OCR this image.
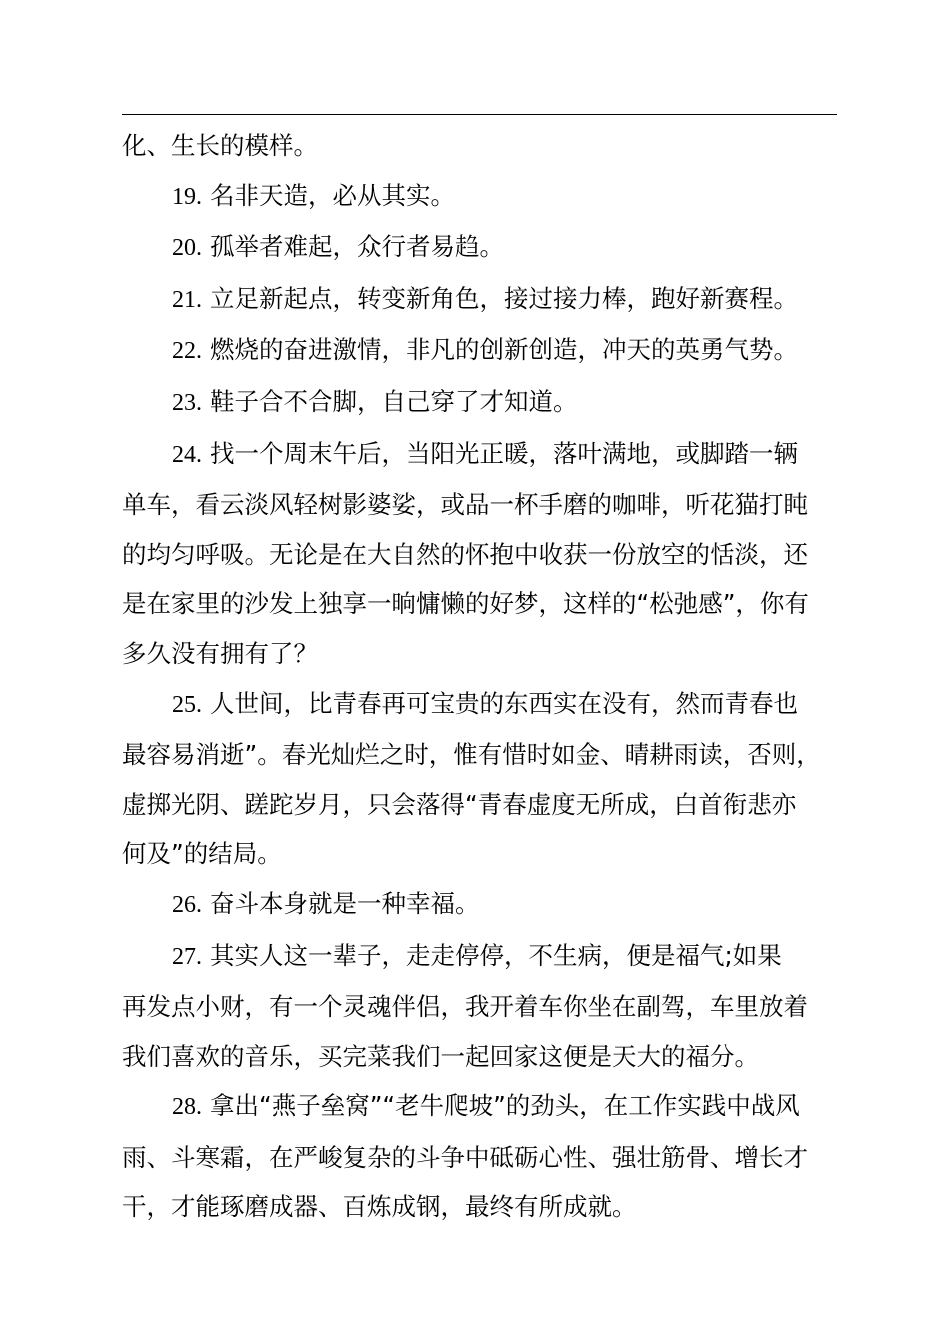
化、生长的模样。
19. 名非天造，必从其实。
20. 孤举者难起，众行者易趋。
21. 立足新起点，转变新角色，接过接力棒，跑好新赛程。
22. 燃烧的奋进激情，非凡的创新创造，冲天的英勇气势。
23. 鞋子合不合脚，自己穿了才知道。
24. 找一个周末午后，当阳光正暖，落叶满地，或脚踏一辆
单车，看云淡风轻树影婆娑，或品一杯手磨的咖啡，听花猫打盹
的均匀呼吸。无论是在大自然的怀抱中收获一份放空的恬淡，还
是在家里的沙发上独享一晌慵懒的好梦，这样的“松弛感”，你有
多久没有拥有了？
25. 人世间，比青春再可宝贵的东西实在没有，然而青春也
最容易消逝”。春光灿烂之时，惟有惜时如金、晴耕雨读，否则，
虚掷光阴、蹉跎岁月，只会落得“青春虚度无所成，白首衔悲亦
何及”的结局。
26. 奋斗本身就是一种幸福。
27. 其实人这一辈子，走走停停，不生病，便是福气;如果
再发点小财，有一个灵魂伴侣，我开着车你坐在副驾，车里放着
我们喜欢的音乐，买完菜我们一起回家这便是天大的福分。
28. 拿出“燕子垒窝”“老牛爬坡”的劲头，在工作实践中战风
雨、斗寒霜，在严峻复杂的斗争中砥砺心性、强壮筋骨、增长才
干，才能琢磨成器、百炼成钢，最终有所成就。
